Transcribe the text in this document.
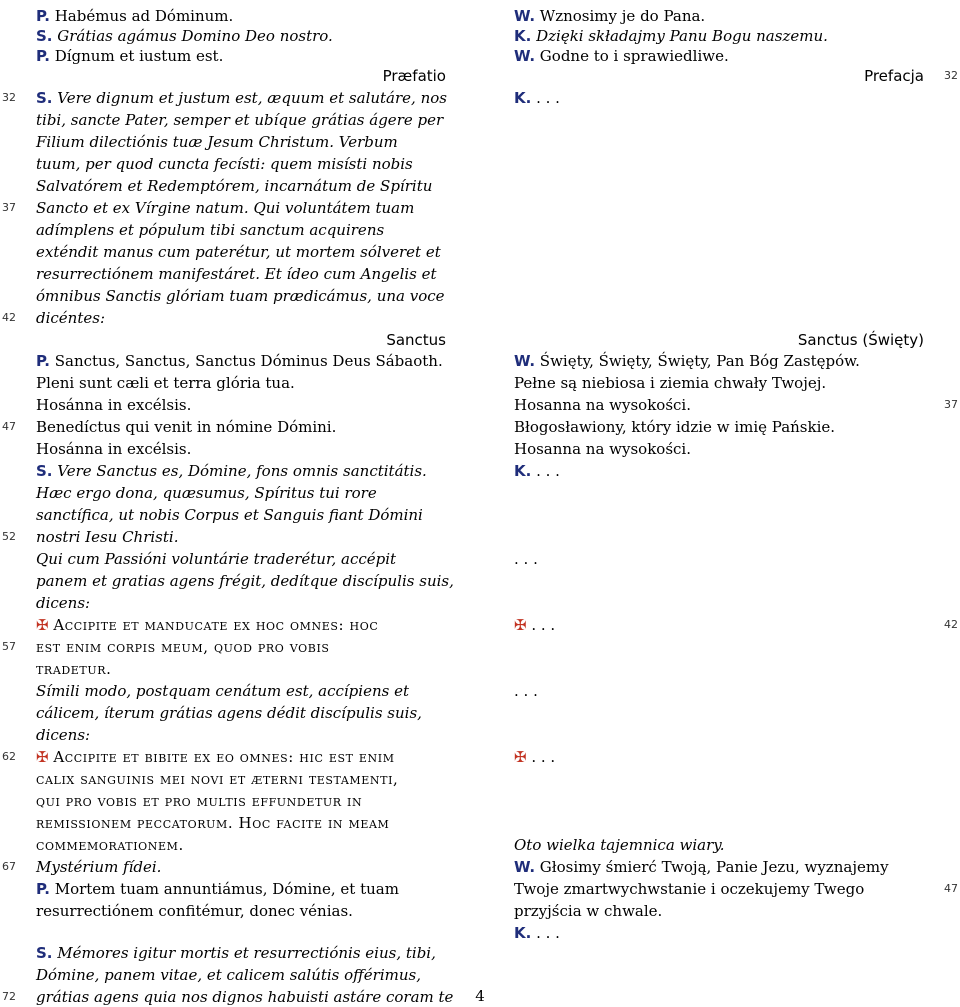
P. Habémus ad Dóminum.
S. Grátias agámus Domino Deo nostro.
P. Dígnum et iustum est.
Præfatio
S. Vere dignum et justum est, æquum et salutáre, nos
tibi, sancte Pater, semper et ubíque grátias ágere per
Filium dilectiónis tuæ Jesum Christum. Verbum
tuum, per quod cuncta fecísti: quem misísti nobis
Salvatórem et Redemptórem, incarnátum de Spíritu
Sancto et ex Vírgine natum. Qui voluntátem tuam
adímplens et pópulum tibi sanctum acquirens
exténdit manus cum paterétur, ut mortem sólveret et
resurrectiónem manifestáret. Et ídeo cum Angelis et
ómnibus Sanctis glóriam tuam prædicámus, una voce
dicéntes:
Sanctus
P. Sanctus, Sanctus, Sanctus Dóminus Deus Sábaoth.
Pleni sunt cæli et terra glória tua.
Hosánna in excélsis.
Benedíctus qui venit in nómine Dómini.
Hosánna in excélsis.
S. Vere Sanctus es, Dómine, fons omnis sanctitátis.
Hæc ergo dona, quæsumus, Spíritus tui rore
sanctífica, ut nobis Corpus et Sanguis fiant Dómini
nostri Iesu Christi.
Qui cum Passióni voluntárie traderétur, accépit
panem et gratias agens frégit, dedítque discípulis suis,
dicens:
✠ Accipite et manducate ex hoc omnes: hoc
est enim corpis meum, quod pro vobis
tradetur.
Símili modo, postquam cenátum est, accípiens et
cálicem, íterum grátias agens dédit discípulis suis,
dicens:
✠ Accipite et bibite ex eo omnes: hic est enim
calix sanguinis mei novi et æterni testamenti,
qui pro vobis et pro multis effundetur in
remissionem peccatorum. Hoc facite in meam
commemorationem.
Mystérium fídei.
P. Mortem tuam annuntiámus, Dómine, et tuam
resurrectiónem confitémur, donec vénias.
S. Mémores igitur mortis et resurrectiónis eius, tibi,
Dómine, panem vitae, et calicem salútis offérimus,
grátias agens quia nos dignos habuisti astáre coram te
W. Wznosimy je do Pana.
K. Dzięki składajmy Panu Bogu naszemu.
W. Godne to i sprawiedliwe.
Prefacja
K. . . .
Sanctus (Święty)
W. Święty, Święty, Święty, Pan Bóg Zastępów.
Pełne są niebiosa i ziemia chwały Twojej.
Hosanna na wysokości.
Błogosławiony, który idzie w imię Pańskie.
Hosanna na wysokości.
K. . . .
. . .
✠ . . .
. . .
✠ . . .
Oto wielka tajemnica wiary.
W. Głosimy śmierć Twoją, Panie Jezu, wyznajemy
Twoje zmartwychwstanie i oczekujemy Twego
przyjścia w chwale.
K. . . .
32
37
42
47
52
57
62
67
72
32
37
42
47
4
